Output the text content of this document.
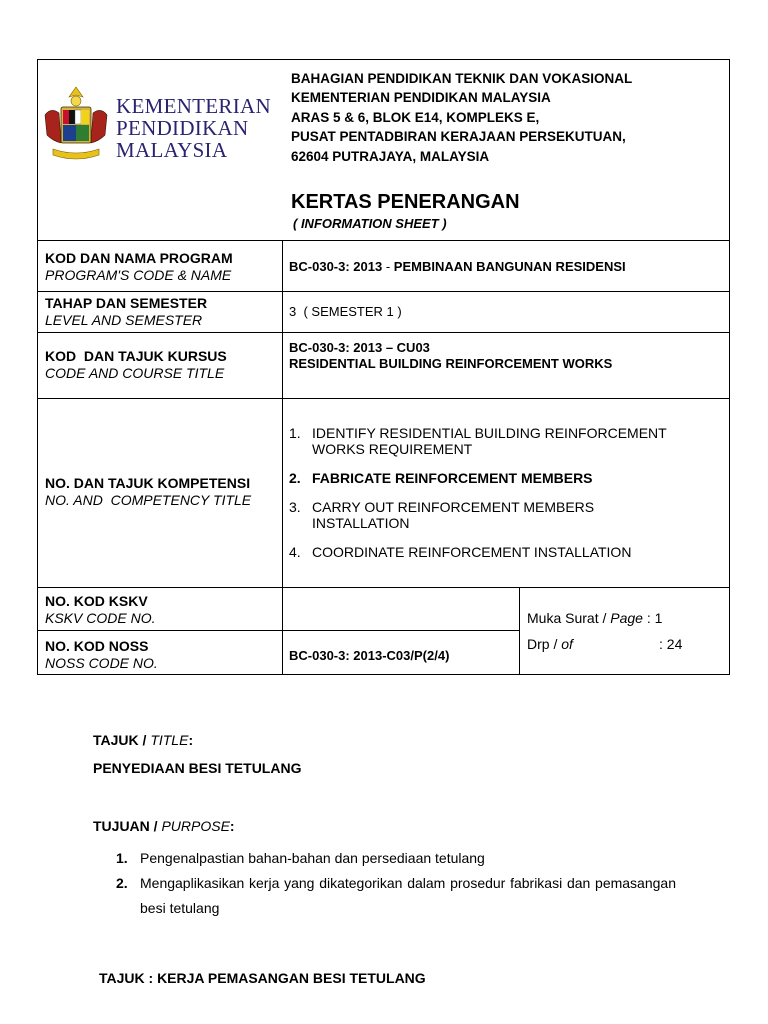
KEMENTERIAN
PENDIDIKAN
MALAYSIA
BAHAGIAN PENDIDIKAN TEKNIK DAN VOKASIONAL
KEMENTERIAN PENDIDIKAN MALAYSIA
ARAS 5 & 6, BLOK E14, KOMPLEKS E,
PUSAT PENTADBIRAN KERAJAAN PERSEKUTUAN,
62604 PUTRAJAYA, MALAYSIA
KERTAS PENERANGAN
( INFORMATION SHEET )
KOD DAN NAMA PROGRAM
PROGRAM'S CODE & NAME
BC-030-3: 2013 - PEMBINAAN BANGUNAN RESIDENSI
TAHAP DAN SEMESTER
LEVEL AND SEMESTER
3  ( SEMESTER 1 )
KOD  DAN TAJUK KURSUS
CODE AND COURSE TITLE
BC-030-3: 2013 – CU03
RESIDENTIAL BUILDING REINFORCEMENT WORKS
NO. DAN TAJUK KOMPETENSI
NO. AND  COMPETENCY TITLE
1. IDENTIFY RESIDENTIAL BUILDING REINFORCEMENT WORKS REQUIREMENT
2. FABRICATE REINFORCEMENT MEMBERS
3. CARRY OUT REINFORCEMENT MEMBERS INSTALLATION
4. COORDINATE REINFORCEMENT INSTALLATION
NO. KOD KSKV
KSKV CODE NO.
NO. KOD NOSS
NOSS CODE NO.	BC-030-3: 2013-C03/P(2/4)
Muka Surat / Page : 1
Drp / of	: 24
TAJUK / TITLE:
PENYEDIAAN BESI TETULANG
TUJUAN / PURPOSE:
1. Pengenalpastian bahan-bahan dan persediaan tetulang
2. Mengaplikasikan kerja yang dikategorikan dalam prosedur fabrikasi dan pemasangan besi tetulang
TAJUK : KERJA PEMASANGAN BESI TETULANG
